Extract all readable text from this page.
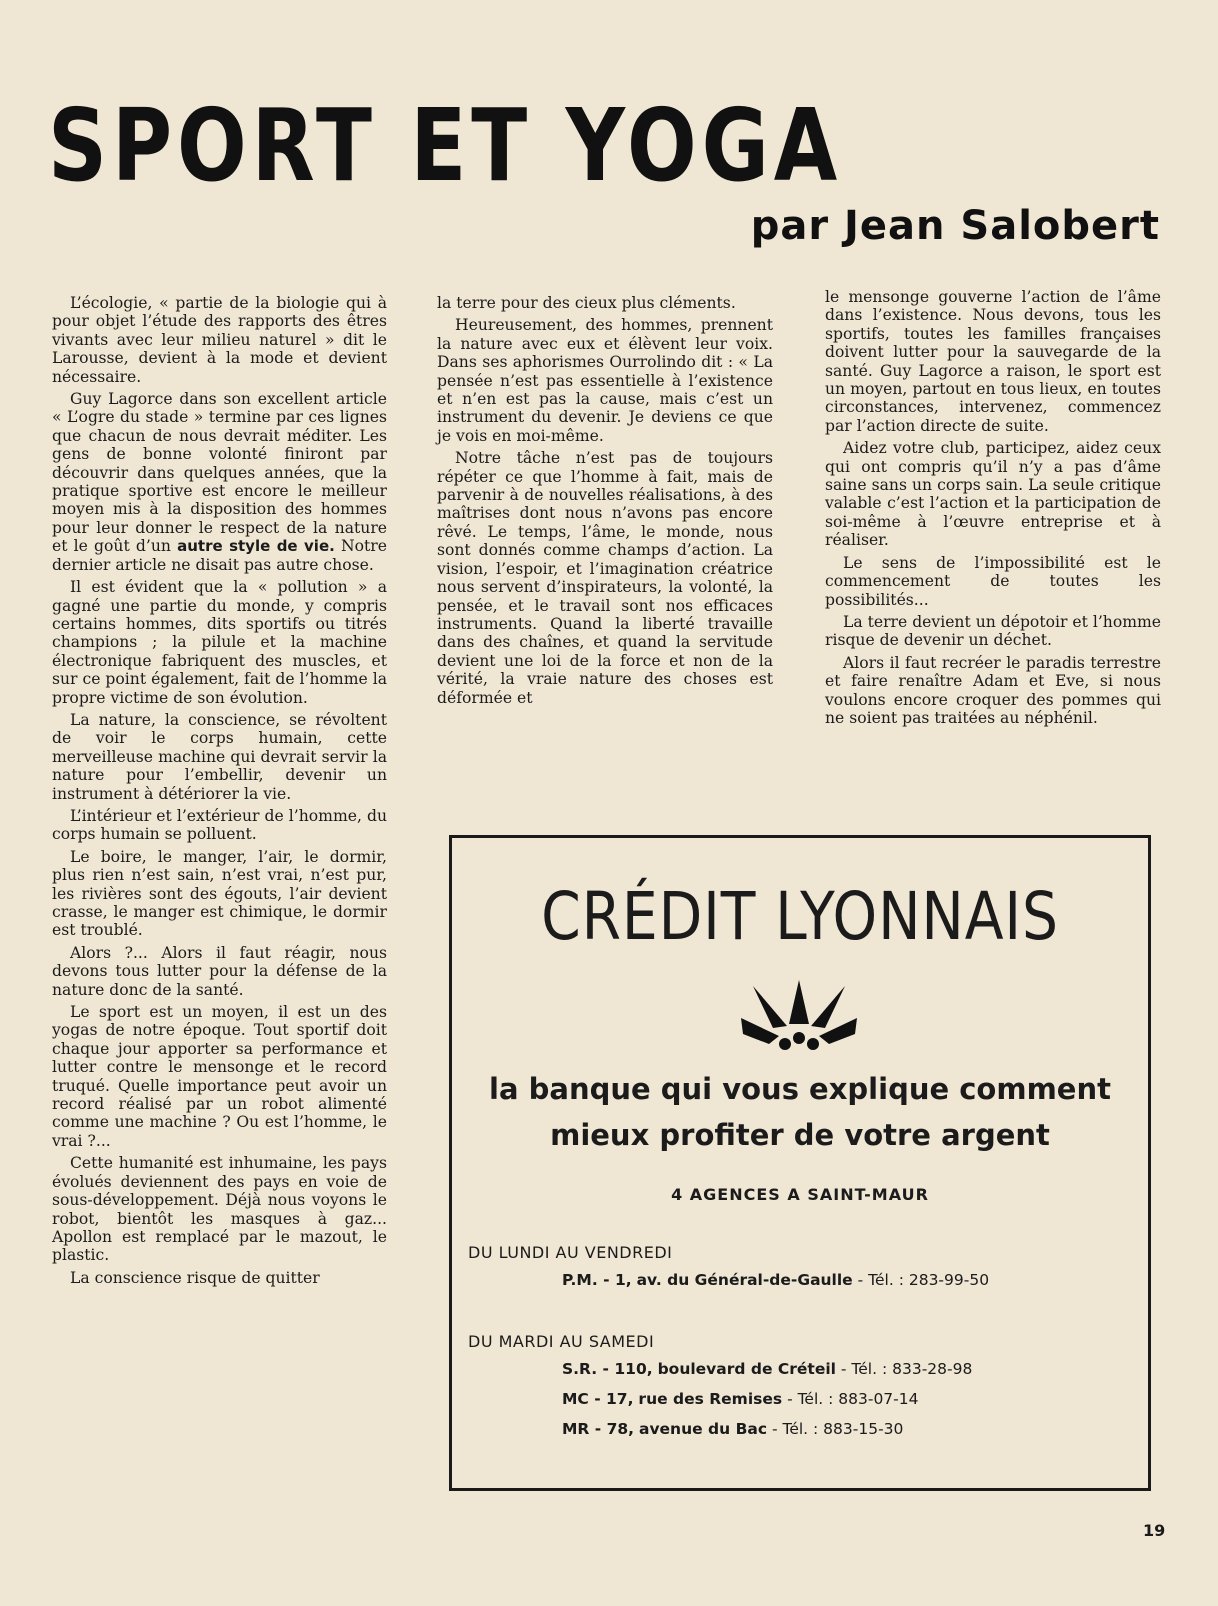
SPORT ET YOGA
par Jean Salobert

L’écologie, « partie de la biologie qui à pour objet l’étude des rapports des êtres vivants avec leur milieu naturel » dit le Larousse, devient à la mode et devient nécessaire.

Guy Lagorce dans son excellent article « L’ogre du stade » termine par ces lignes que chacun de nous devrait méditer. Les gens de bonne volonté finiront par découvrir dans quelques années, que la pratique sportive est encore le meilleur moyen mis à la disposition des hommes pour leur donner le respect de la nature et le goût d’un autre style de vie. Notre dernier article ne disait pas autre chose.

Il est évident que la « pollution » a gagné une partie du monde, y compris certains hommes, dits sportifs ou titrés champions ; la pilule et la machine électronique fabriquent des muscles, et sur ce point également, fait de l’homme la propre victime de son évolution.

La nature, la conscience, se révoltent de voir le corps humain, cette merveilleuse machine qui devrait servir la nature pour l’embellir, devenir un instrument à détériorer la vie.

L’intérieur et l’extérieur de l’homme, du corps humain se polluent.

Le boire, le manger, l’air, le dormir, plus rien n’est sain, n’est vrai, n’est pur, les rivières sont des égouts, l’air devient crasse, le manger est chimique, le dormir est troublé.

Alors ?... Alors il faut réagir, nous devons tous lutter pour la défense de la nature donc de la santé.

Le sport est un moyen, il est un des yogas de notre époque. Tout sportif doit chaque jour apporter sa performance et lutter contre le mensonge et le record truqué. Quelle importance peut avoir un record réalisé par un robot alimenté comme une machine ? Ou est l’homme, le vrai ?...

Cette humanité est inhumaine, les pays évolués deviennent des pays en voie de sous-développement. Déjà nous voyons le robot, bientôt les masques à gaz... Apollon est remplacé par le mazout, le plastic.

La conscience risque de quitter

la terre pour des cieux plus cléments.

Heureusement, des hommes, prennent la nature avec eux et élèvent leur voix. Dans ses aphorismes Ourrolindo dit : « La pensée n’est pas essentielle à l’existence et n’en est pas la cause, mais c’est un instrument du devenir. Je deviens ce que je vois en moi-même.

Notre tâche n’est pas de toujours répéter ce que l’homme à fait, mais de parvenir à de nouvelles réalisations, à des maîtrises dont nous n’avons pas encore rêvé. Le temps, l’âme, le monde, nous sont donnés comme champs d’action. La vision, l’espoir, et l’imagination créatrice nous servent d’inspirateurs, la volonté, la pensée, et le travail sont nos efficaces instruments. Quand la liberté travaille dans des chaînes, et quand la servitude devient une loi de la force et non de la vérité, la vraie nature des choses est déformée et

le mensonge gouverne l’action de l’âme dans l’existence. Nous devons, tous les sportifs, toutes les familles françaises doivent lutter pour la sauvegarde de la santé. Guy Lagorce a raison, le sport est un moyen, partout en tous lieux, en toutes circonstances, intervenez, commencez par l’action directe de suite.

Aidez votre club, participez, aidez ceux qui ont compris qu’il n’y a pas d’âme saine sans un corps sain. La seule critique valable c’est l’action et la participation de soi-même à l’œuvre entreprise et à réaliser.

Le sens de l’impossibilité est le commencement de toutes les possibilités...

La terre devient un dépotoir et l’homme risque de devenir un déchet.

Alors il faut recréer le paradis terrestre et faire renaître Adam et Eve, si nous voulons encore croquer des pommes qui ne soient pas traitées au néphénil.

CRÉDIT LYONNAIS
la banque qui vous explique comment
mieux profiter de votre argent
4 AGENCES A SAINT-MAUR
DU LUNDI AU VENDREDI
P.M. - 1, av. du Général-de-Gaulle - Tél. : 283-99-50
DU MARDI AU SAMEDI
S.R. - 110, boulevard de Créteil - Tél. : 833-28-98
MC - 17, rue des Remises - Tél. : 883-07-14
MR - 78, avenue du Bac - Tél. : 883-15-30
19
